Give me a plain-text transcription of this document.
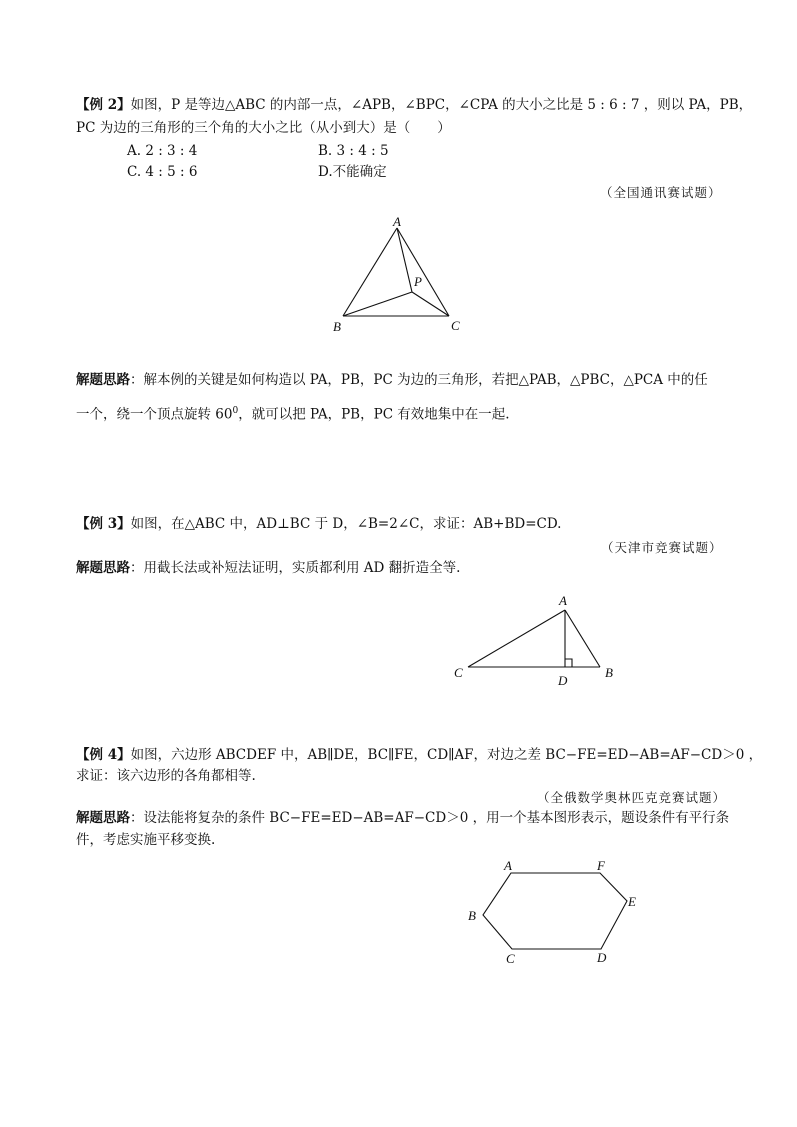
【例 2】如图，P 是等边△ABC 的内部一点，∠APB，∠BPC，∠CPA 的大小之比是 5 : 6 : 7 ，则以 PA，PB，
PC 为边的三角形的三个角的大小之比（从小到大）是（　　）
A. 2 : 3 : 4	B. 3 : 4 : 5
C. 4 : 5 : 6	D.不能确定
（全国通讯赛试题）
A
P
B	C
解题思路：解本例的关键是如何构造以 PA，PB，PC 为边的三角形，若把△PAB，△PBC，△PCA 中的任
一个，绕一个顶点旋转 $60^0$，就可以把 PA，PB，PC 有效地集中在一起.
【例 3】如图，在△ABC 中，AD⊥BC 于 D，∠B=2∠C，求证：AB+BD=CD.
（天津市竞赛试题）
解题思路：用截长法或补短法证明，实质都利用 AD 翻折造全等.
A
C
D
B
【例 4】如图，六边形 ABCDEF 中，AB∥DE，BC∥FE，CD∥AF，对边之差 BC−FE=ED−AB=AF−CD＞0 ，
求证：该六边形的各角都相等.
（全俄数学奥林匹克竞赛试题）
解题思路：设法能将复杂的条件 BC−FE=ED−AB=AF−CD＞0 ，用一个基本图形表示，题设条件有平行条
件，考虑实施平移变换.
A	F
E
B
C	D
